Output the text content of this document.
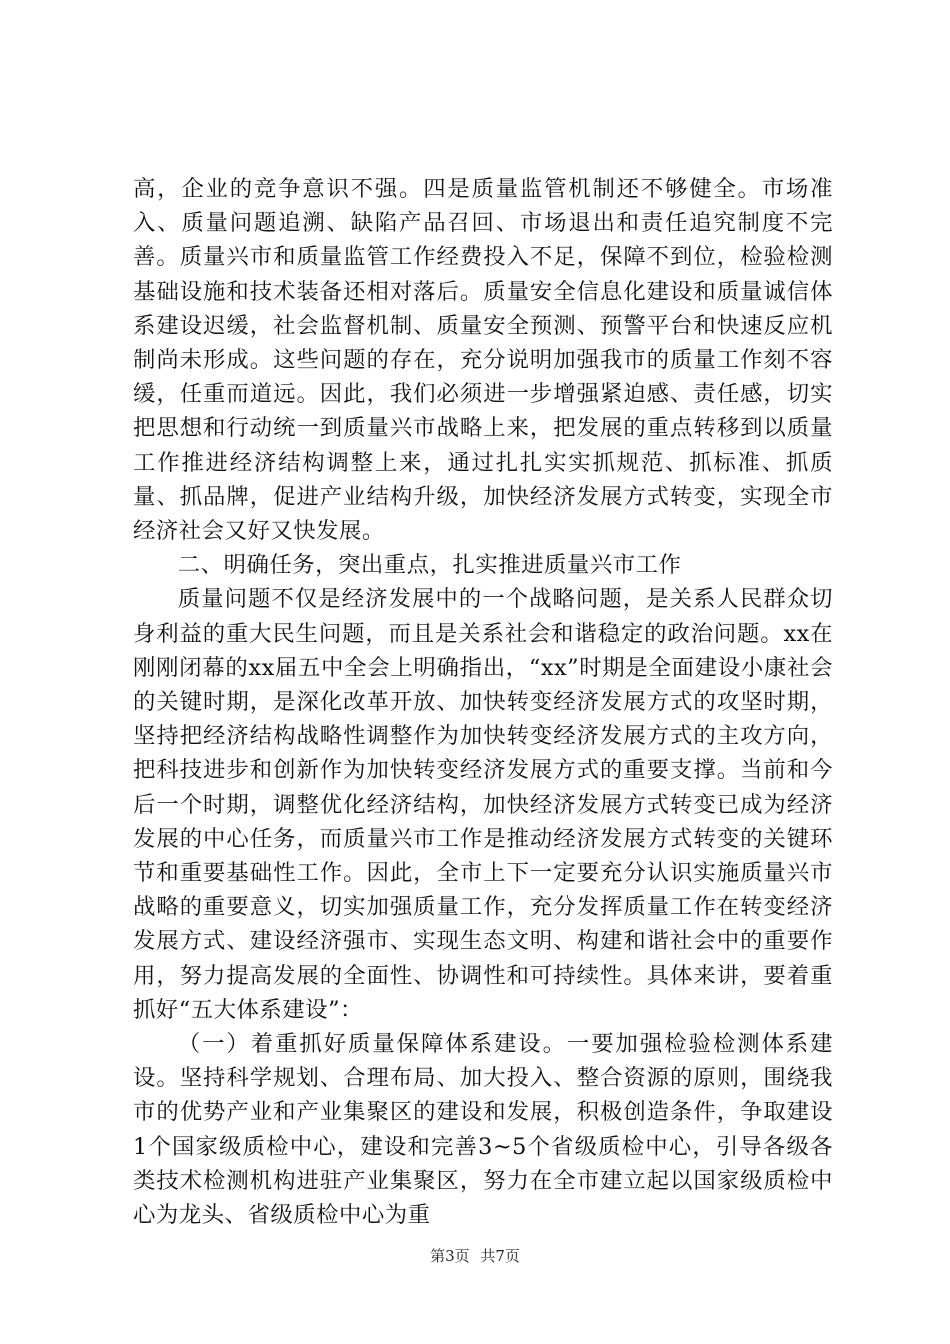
高，企业的竞争意识不强。四是质量监管机制还不够健全。市场准入、质量问题追溯、缺陷产品召回、市场退出和责任追究制度不完善。质量兴市和质量监管工作经费投入不足，保障不到位，检验检测基础设施和技术装备还相对落后。质量安全信息化建设和质量诚信体系建设迟缓，社会监督机制、质量安全预测、预警平台和快速反应机制尚未形成。这些问题的存在，充分说明加强我市的质量工作刻不容缓，任重而道远。因此，我们必须进一步增强紧迫感、责任感，切实把思想和行动统一到质量兴市战略上来，把发展的重点转移到以质量工作推进经济结构调整上来，通过扎扎实实抓规范、抓标准、抓质量、抓品牌，促进产业结构升级，加快经济发展方式转变，实现全市经济社会又好又快发展。

二、明确任务，突出重点，扎实推进质量兴市工作

质量问题不仅是经济发展中的一个战略问题，是关系人民群众切身利益的重大民生问题，而且是关系社会和谐稳定的政治问题。xx在刚刚闭幕的xx届五中全会上明确指出，“xx”时期是全面建设小康社会的关键时期，是深化改革开放、加快转变经济发展方式的攻坚时期，坚持把经济结构战略性调整作为加快转变经济发展方式的主攻方向，把科技进步和创新作为加快转变经济发展方式的重要支撑。当前和今后一个时期，调整优化经济结构，加快经济发展方式转变已成为经济发展的中心任务，而质量兴市工作是推动经济发展方式转变的关键环节和重要基础性工作。因此，全市上下一定要充分认识实施质量兴市战略的重要意义，切实加强质量工作，充分发挥质量工作在转变经济发展方式、建设经济强市、实现生态文明、构建和谐社会中的重要作用，努力提高发展的全面性、协调性和可持续性。具体来讲，要着重抓好“五大体系建设”：

（一）着重抓好质量保障体系建设。一要加强检验检测体系建设。坚持科学规划、合理布局、加大投入、整合资源的原则，围绕我市的优势产业和产业集聚区的建设和发展，积极创造条件，争取建设1个国家级质检中心，建设和完善3~5个省级质检中心，引导各级各类技术检测机构进驻产业集聚区，努力在全市建立起以国家级质检中心为龙头、省级质检中心为重

第3页 共7页
